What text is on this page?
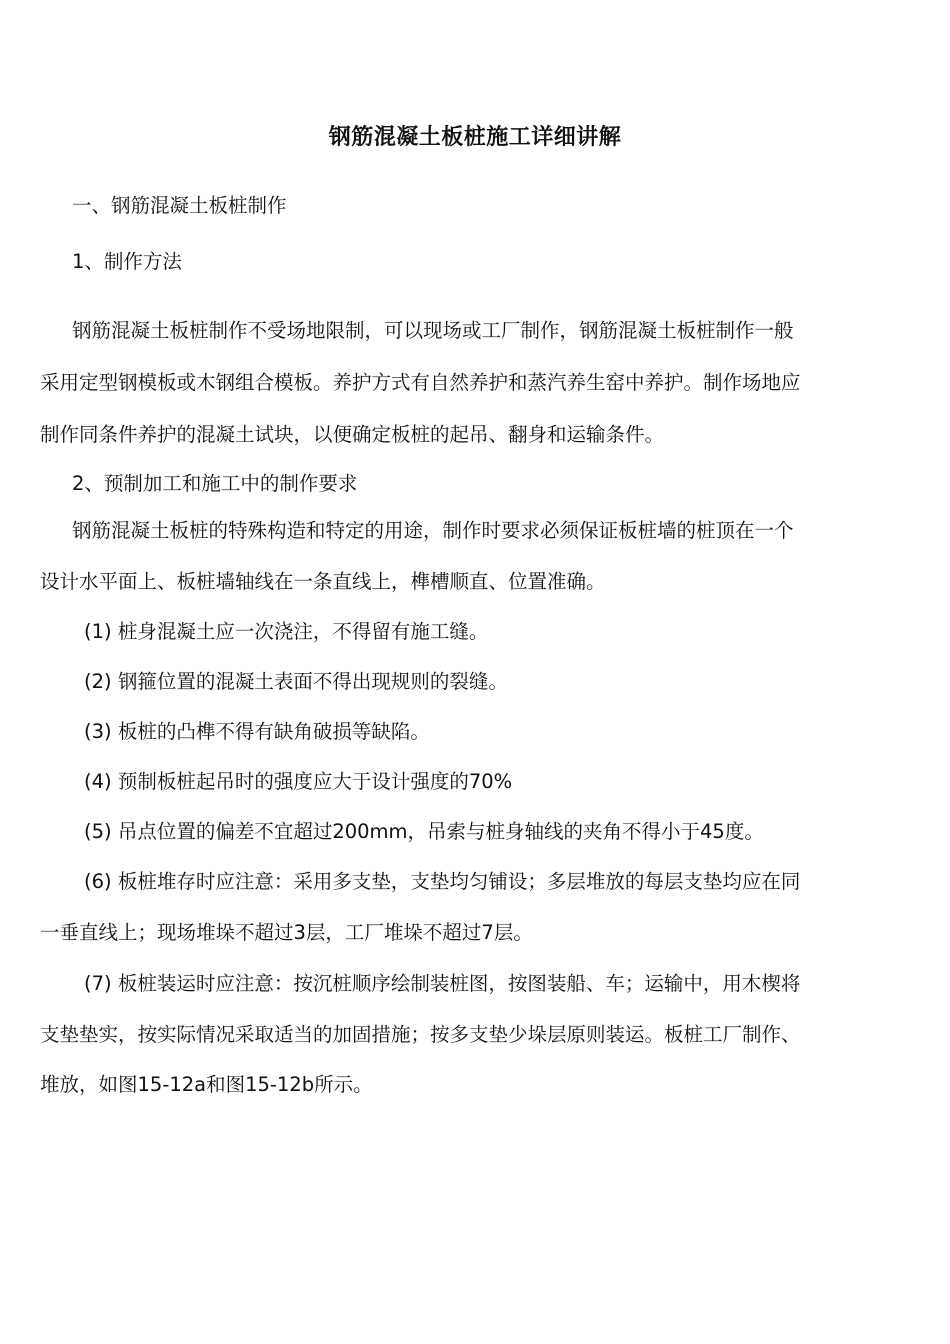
钢筋混凝土板桩施工详细讲解
一、钢筋混凝土板桩制作
1、制作方法
钢筋混凝土板桩制作不受场地限制，可以现场或工厂制作，钢筋混凝土板桩制作一般
采用定型钢模板或木钢组合模板。养护方式有自然养护和蒸汽养生窑中养护。制作场地应
制作同条件养护的混凝土试块，以便确定板桩的起吊、翻身和运输条件。
2、预制加工和施工中的制作要求
钢筋混凝土板桩的特殊构造和特定的用途，制作时要求必须保证板桩墙的桩顶在一个
设计水平面上、板桩墙轴线在一条直线上，榫槽顺直、位置准确。
(1) 桩身混凝土应一次浇注，不得留有施工缝。
(2) 钢箍位置的混凝土表面不得出现规则的裂缝。
(3) 板桩的凸榫不得有缺角破损等缺陷。
(4) 预制板桩起吊时的强度应大于设计强度的70%
(5) 吊点位置的偏差不宜超过200mm，吊索与桩身轴线的夹角不得小于45度。
(6) 板桩堆存时应注意：采用多支垫，支垫均匀铺设；多层堆放的每层支垫均应在同
一垂直线上；现场堆垛不超过3层，工厂堆垛不超过7层。
(7) 板桩装运时应注意：按沉桩顺序绘制装桩图，按图装船、车；运输中，用木楔将
支垫垫实，按实际情况采取适当的加固措施；按多支垫少垛层原则装运。板桩工厂制作、
堆放，如图15-12a和图15-12b所示。
